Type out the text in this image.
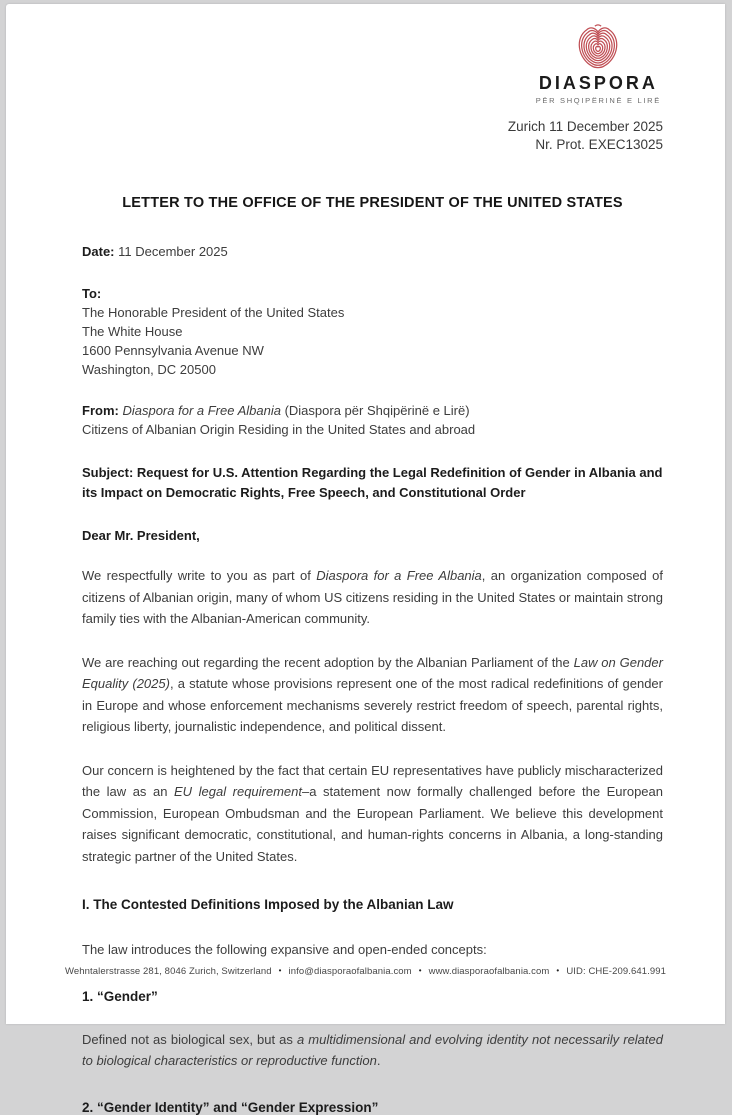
DIASPORA
PËR SHQIPËRINË E LIRË
Zurich 11 December 2025
Nr. Prot. EXEC13025
LETTER TO THE OFFICE OF THE PRESIDENT OF THE UNITED STATES
Date: 11 December 2025
To:
The Honorable President of the United States
The White House
1600 Pennsylvania Avenue NW
Washington, DC 20500
From: Diaspora for a Free Albania (Diaspora për Shqipërinë e Lirë)
Citizens of Albanian Origin Residing in the United States and abroad
Subject: Request for U.S. Attention Regarding the Legal Redefinition of Gender in Albania and its Impact on Democratic Rights, Free Speech, and Constitutional Order
Dear Mr. President,
We respectfully write to you as part of Diaspora for a Free Albania, an organization composed of citizens of Albanian origin, many of whom US citizens residing in the United States or maintain strong family ties with the Albanian-American community.
We are reaching out regarding the recent adoption by the Albanian Parliament of the Law on Gender Equality (2025), a statute whose provisions represent one of the most radical redefinitions of gender in Europe and whose enforcement mechanisms severely restrict freedom of speech, parental rights, religious liberty, journalistic independence, and political dissent.
Our concern is heightened by the fact that certain EU representatives have publicly mischaracterized the law as an EU legal requirement–a statement now formally challenged before the European Commission, European Ombudsman and the European Parliament. We believe this development raises significant democratic, constitutional, and human-rights concerns in Albania, a long-standing strategic partner of the United States.
I. The Contested Definitions Imposed by the Albanian Law
The law introduces the following expansive and open-ended concepts:
1. “Gender”
Defined not as biological sex, but as a multidimensional and evolving identity not necessarily related to biological characteristics or reproductive function.
2. “Gender Identity” and “Gender Expression”
Wehntalerstrasse 281, 8046 Zurich, Switzerland • info@diasporaofalbania.com • www.diasporaofalbania.com • UID: CHE-209.641.991
